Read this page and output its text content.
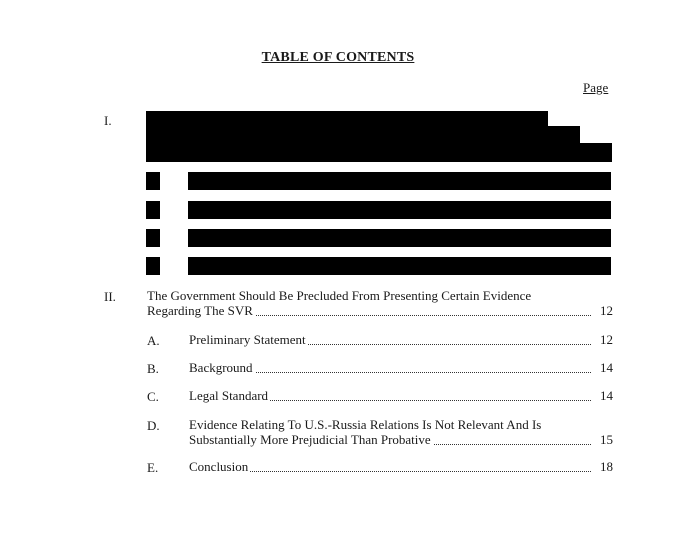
TABLE OF CONTENTS
Page
I.
II. The Government Should Be Precluded From Presenting Certain Evidence
Regarding The SVR	12
A. Preliminary Statement	12
B. Background	14
C. Legal Standard	14
D. Evidence Relating To U.S.-Russia Relations Is Not Relevant And Is
Substantially More Prejudicial Than Probative	15
E. Conclusion	18
